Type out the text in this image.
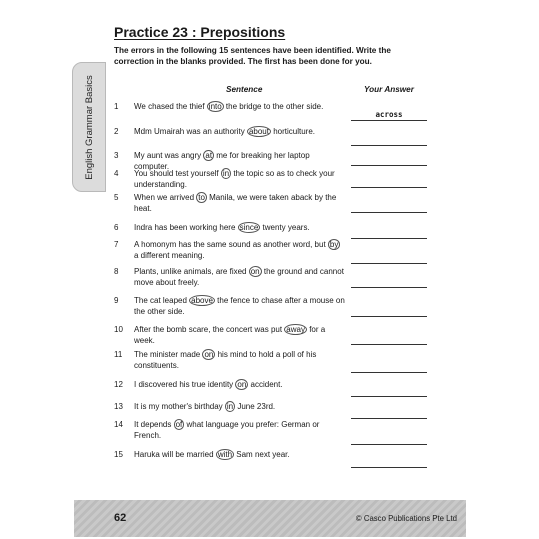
English Grammar Basics
Practice 23 : Prepositions
The errors in the following 15 sentences have been identified. Write the correction in the blanks provided. The first has been done for you.
Sentence	Your Answer
1 We chased the thief into the bridge to the other side.
2 Mdm Umairah was an authority about horticulture.
3 My aunt was angry at me for breaking her laptop computer.
4 You should test yourself in the topic so as to check your understanding.
5 When we arrived to Manila, we were taken aback by the heat.
6 Indra has been working here since twenty years.
7 A homonym has the same sound as another word, but by a different meaning.
8 Plants, unlike animals, are fixed on the ground and cannot move about freely.
9 The cat leaped above the fence to chase after a mouse on the other side.
10 After the bomb scare, the concert was put away for a week.
11 The minister made on his mind to hold a poll of his constituents.
12 I discovered his true identity on accident.
13 It is my mother's birthday in June 23rd.
14 It depends of what language you prefer: German or French.
15 Haruka will be married with Sam next year.
across
62	© Casco Publications Pte Ltd
